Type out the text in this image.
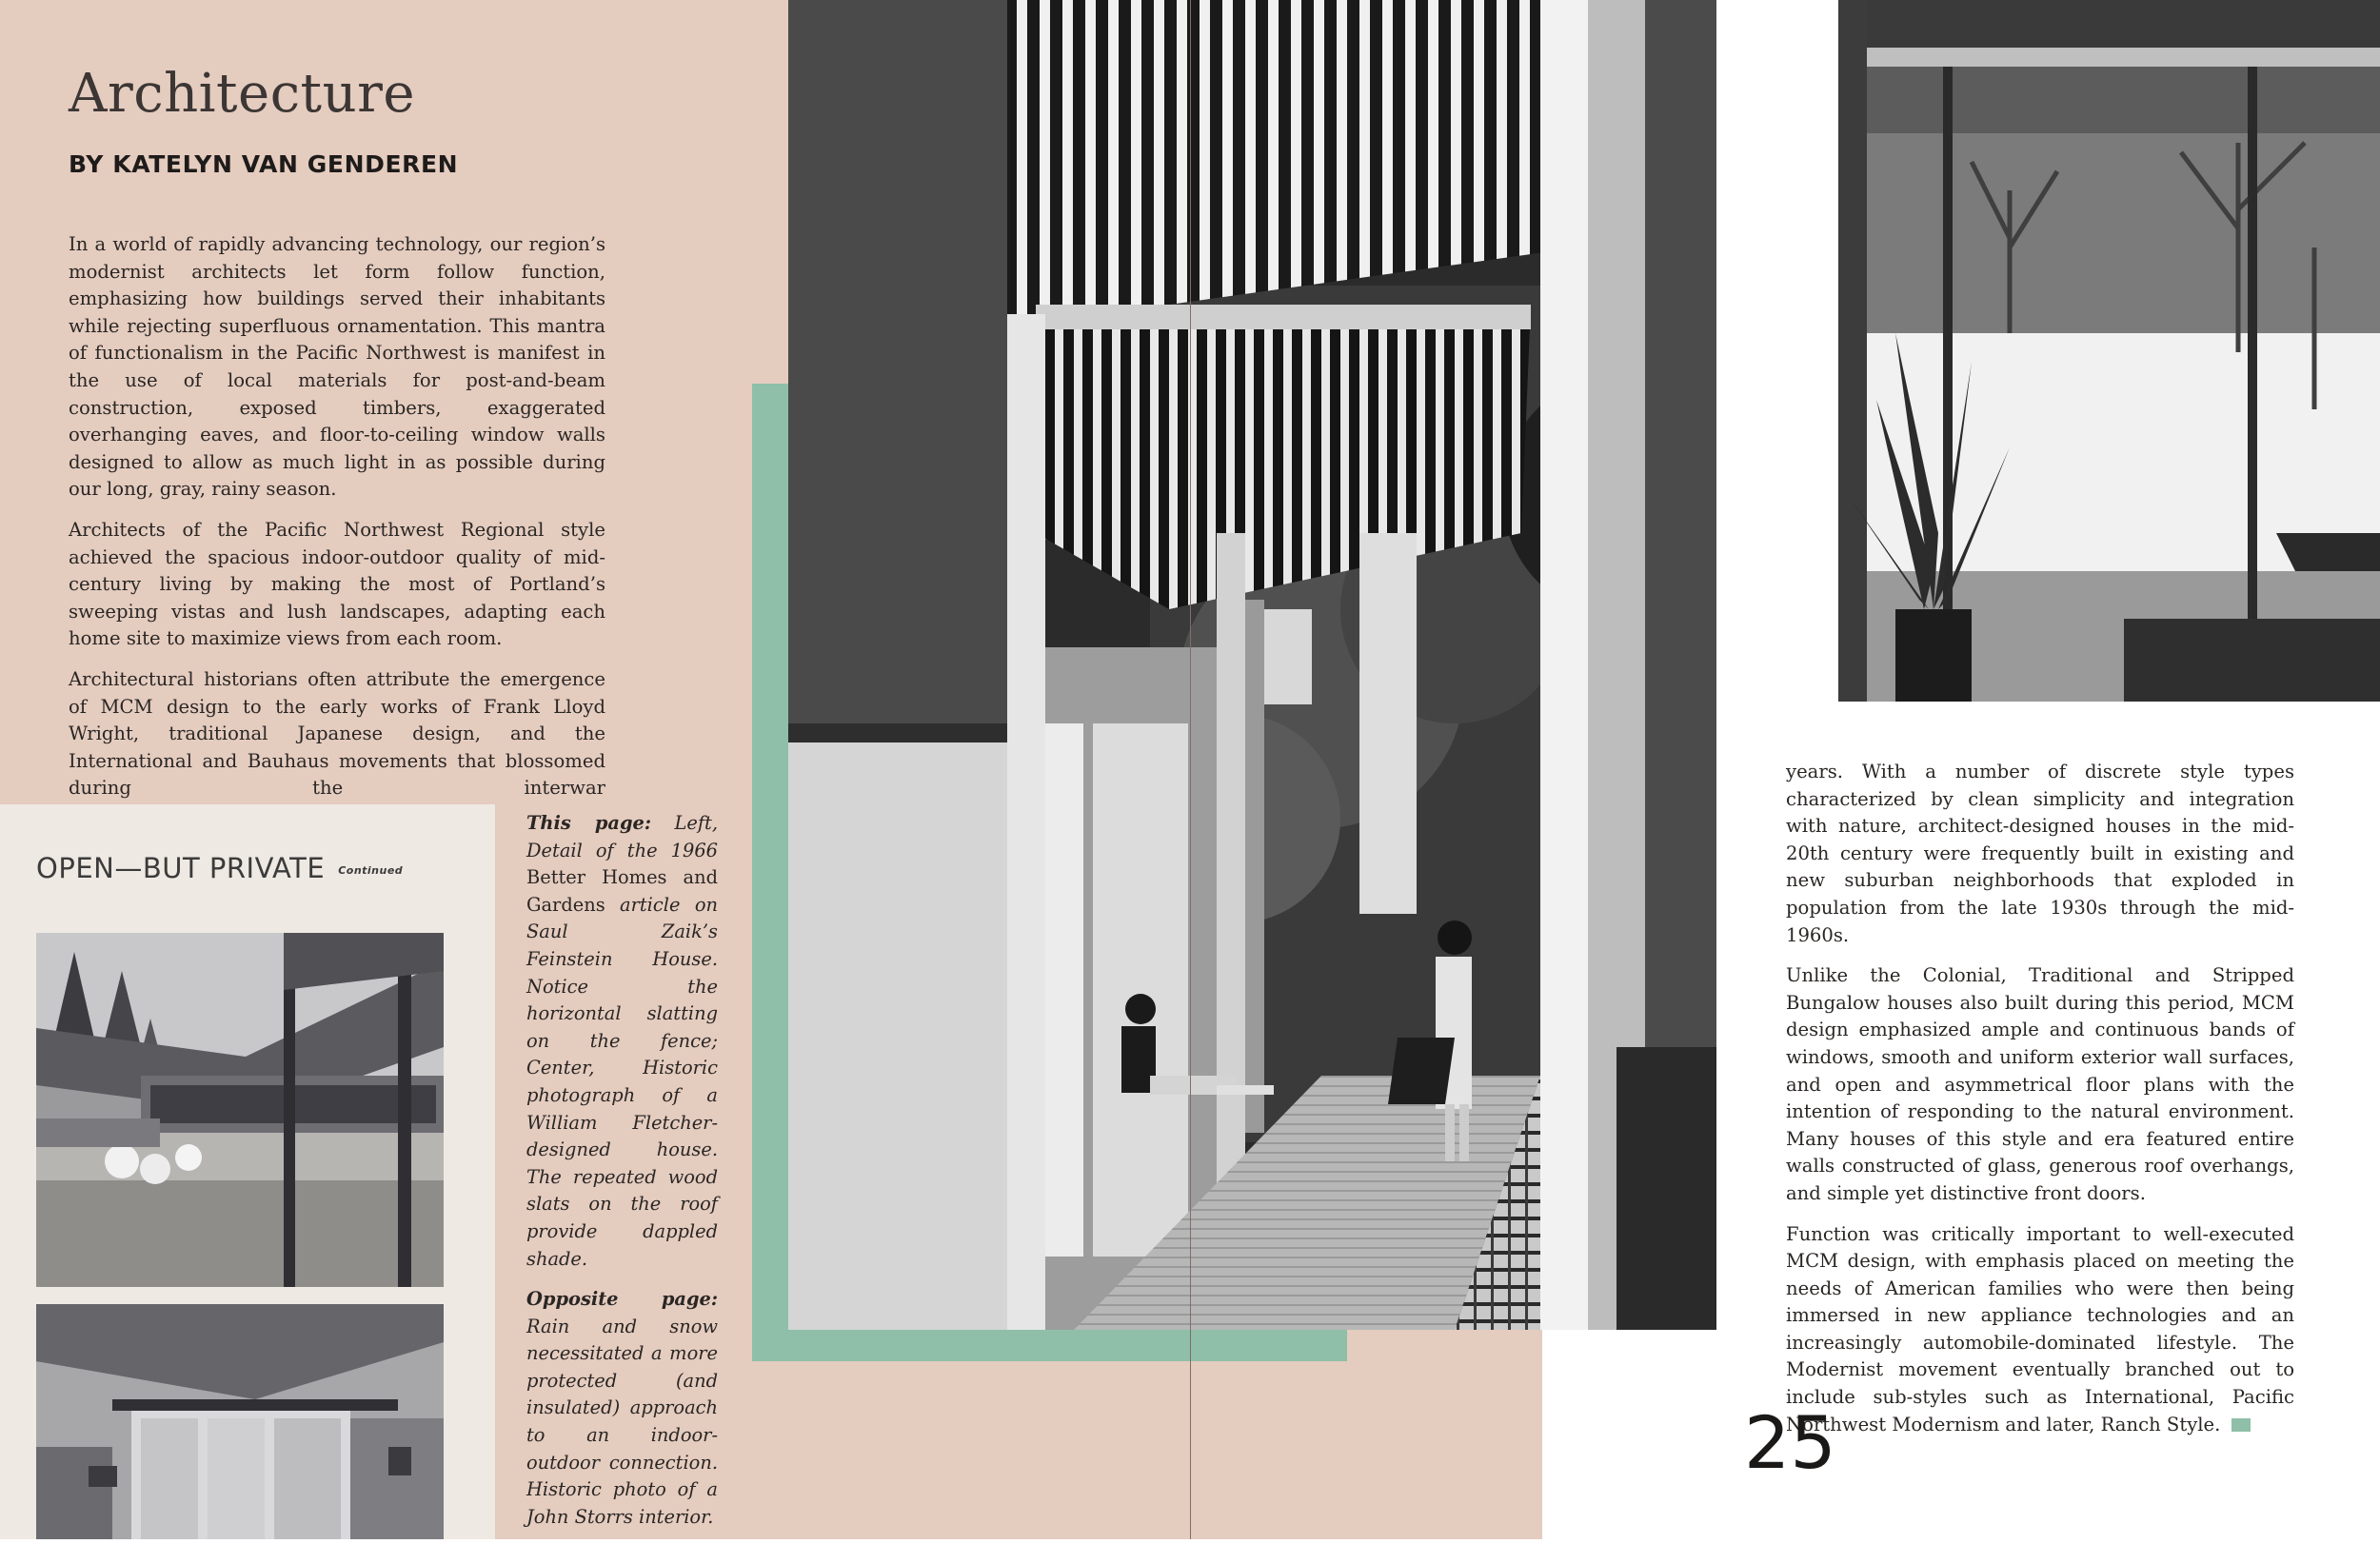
Architecture
BY KATELYN VAN GENDEREN

In a world of rapidly advancing technology, our region’s modernist architects let form follow function, emphasizing how buildings served their inhabitants while rejecting superfluous ornamentation. This mantra of functionalism in the Pacific Northwest is manifest in the use of local materials for post-and-beam construction, exposed timbers, exaggerated overhanging eaves, and floor-to-ceiling window walls designed to allow as much light in as possible during our long, gray, rainy season.

Architects of the Pacific Northwest Regional style achieved the spacious indoor-outdoor quality of mid-century living by making the most of Portland’s sweeping vistas and lush landscapes, adapting each home site to maximize views from each room.

Architectural historians often attribute the emergence of MCM design to the early works of Frank Lloyd Wright, traditional Japanese design, and the International and Bauhaus movements that blossomed during the interwar

OPEN—BUT PRIVATE Continued

This page: Left, Detail of the 1966 Better Homes and Gardens article on Saul Zaik’s Feinstein House. Notice the horizontal slatting on the fence; Center, Historic photograph of a William Fletcher-designed house. The repeated wood slats on the roof provide dappled shade.

Opposite page: Rain and snow necessitated a more protected (and insulated) approach to an indoor-outdoor connection. Historic photo of a John Storrs interior.

years. With a number of discrete style types characterized by clean simplicity and integration with nature, architect-designed houses in the mid-20th century were frequently built in existing and new suburban neighborhoods that exploded in population from the late 1930s through the mid-1960s.

Unlike the Colonial, Traditional and Stripped Bungalow houses also built during this period, MCM design emphasized ample and continuous bands of windows, smooth and uniform exterior wall surfaces, and open and asymmetrical floor plans with the intention of responding to the natural environment. Many houses of this style and era featured entire walls constructed of glass, generous roof overhangs, and simple yet distinctive front doors.

Function was critically important to well-executed MCM design, with emphasis placed on meeting the needs of American families who were then being immersed in new appliance technologies and an increasingly automobile-dominated lifestyle. The Modernist movement eventually branched out to include sub-styles such as International, Pacific Northwest Modernism and later, Ranch Style.

25
